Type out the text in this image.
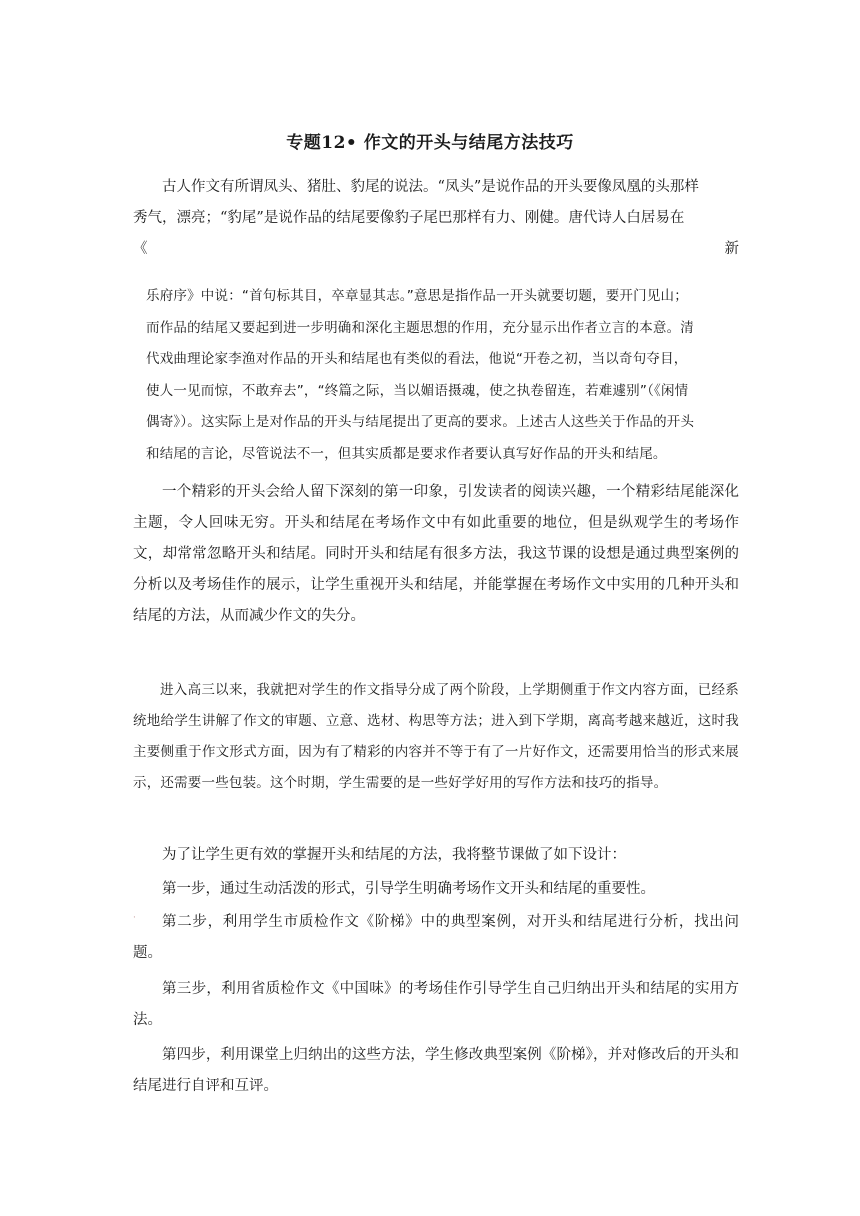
专题12• 作文的开头与结尾方法技巧
古人作文有所谓凤头、猪肚、豹尾的说法。“凤头”是说作品的开头要像凤凰的头那样
秀气，漂亮；“豹尾”是说作品的结尾要像豹子尾巴那样有力、刚健。唐代诗人白居易在
《	新
乐府序》中说：“首句标其目，卒章显其志。”意思是指作品一开头就要切题，要开门见山；
而作品的结尾又要起到进一步明确和深化主题思想的作用，充分显示出作者立言的本意。清
代戏曲理论家李渔对作品的开头和结尾也有类似的看法，他说“开卷之初，当以奇句夺目，
使人一见而惊，不敢弃去”，“终篇之际，当以媚语摄魂，使之执卷留连，若难遽别”（《闲情
偶寄》）。这实际上是对作品的开头与结尾提出了更高的要求。上述古人这些关于作品的开头
和结尾的言论，尽管说法不一，但其实质都是要求作者要认真写好作品的开头和结尾。

一个精彩的开头会给人留下深刻的第一印象，引发读者的阅读兴趣，一个精彩结尾能深化主题，令人回味无穷。开头和结尾在考场作文中有如此重要的地位，但是纵观学生的考场作文，却常常忽略开头和结尾。同时开头和结尾有很多方法，我这节课的设想是通过典型案例的分析以及考场佳作的展示，让学生重视开头和结尾，并能掌握在考场作文中实用的几种开头和结尾的方法，从而减少作文的失分。

进入高三以来，我就把对学生的作文指导分成了两个阶段，上学期侧重于作文内容方面，已经系统地给学生讲解了作文的审题、立意、选材、构思等方法；进入到下学期，离高考越来越近，这时我主要侧重于作文形式方面，因为有了精彩的内容并不等于有了一片好作文，还需要用恰当的形式来展示，还需要一些包装。这个时期，学生需要的是一些好学好用的写作方法和技巧的指导。

为了让学生更有效的掌握开头和结尾的方法，我将整节课做了如下设计：

第一步，通过生动活泼的形式，引导学生明确考场作文开头和结尾的重要性。

·	第二步，利用学生市质检作文《阶梯》中的典型案例，对开头和结尾进行分析，找出问题。

第三步，利用省质检作文《中国味》的考场佳作引导学生自己归纳出开头和结尾的实用方法。

第四步，利用课堂上归纳出的这些方法，学生修改典型案例《阶梯》，并对修改后的开头和结尾进行自评和互评。
